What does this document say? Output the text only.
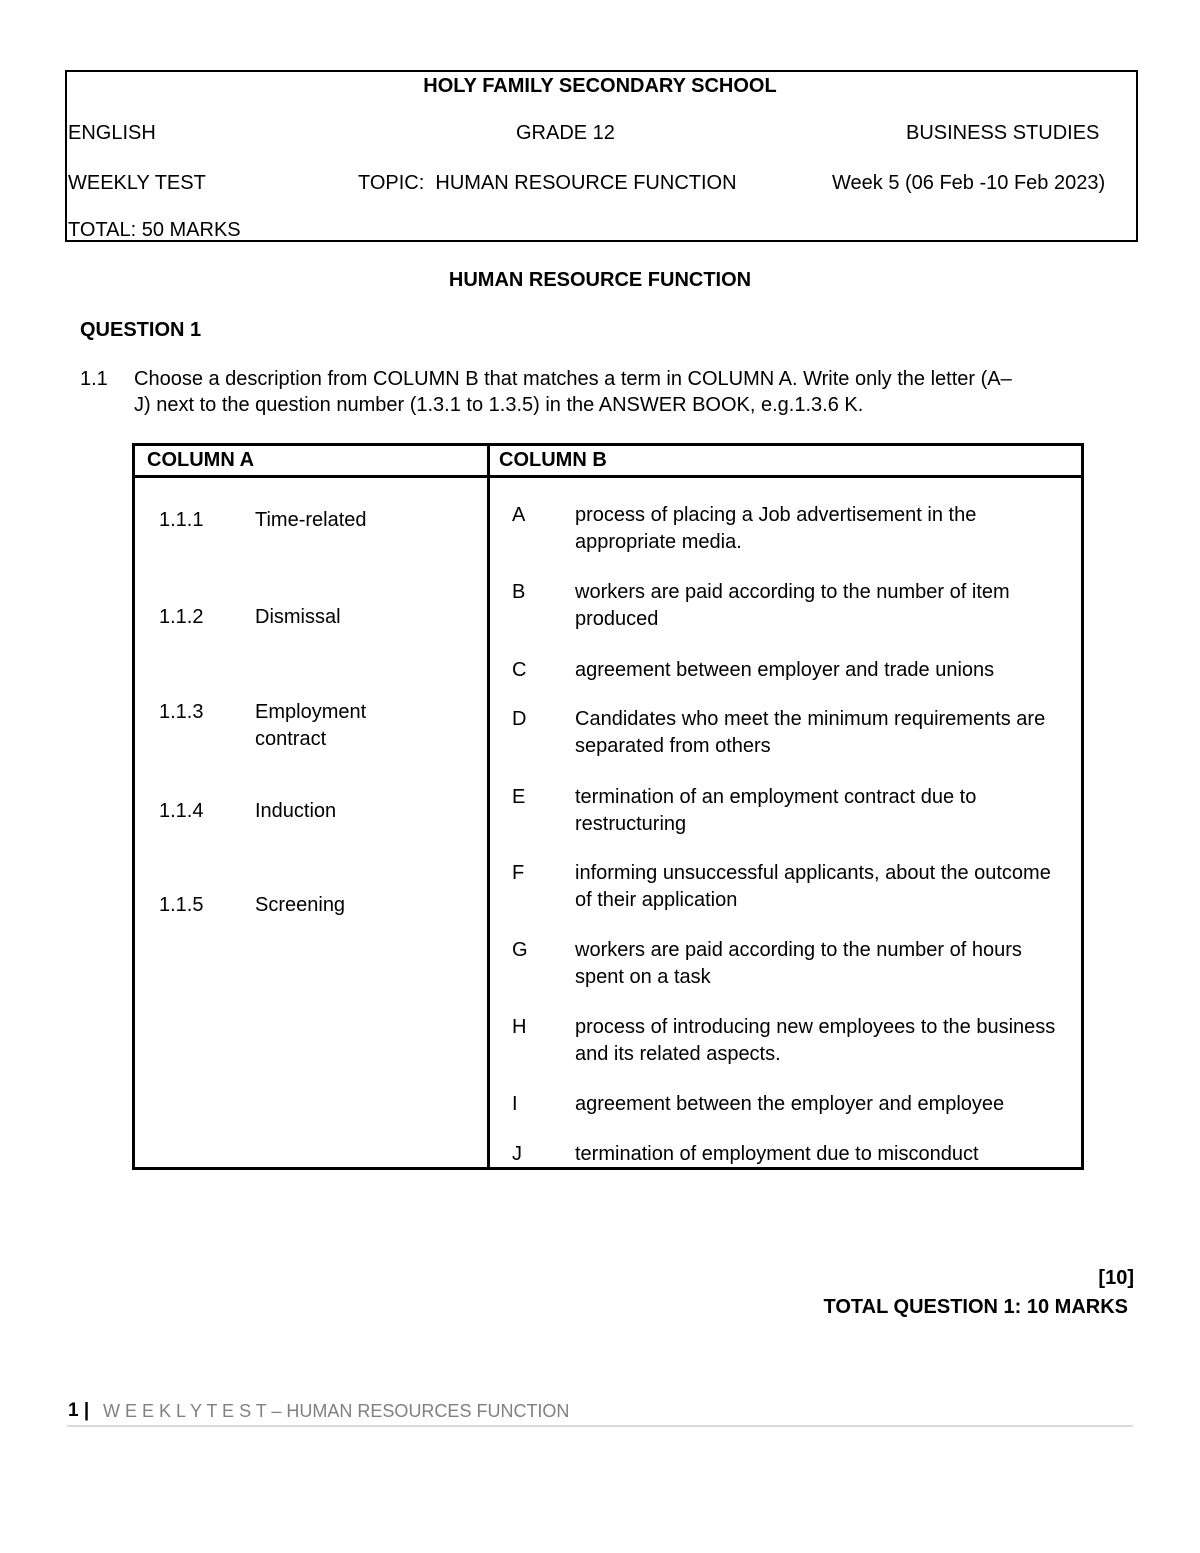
HOLY FAMILY SECONDARY SCHOOL
ENGLISH	GRADE 12	BUSINESS STUDIES
WEEKLY TEST	TOPIC:  HUMAN RESOURCE FUNCTION	Week 5 (06 Feb -10 Feb 2023)
TOTAL: 50 MARKS
HUMAN RESOURCE FUNCTION
QUESTION 1
1.1 Choose a description from COLUMN B that matches a term in COLUMN A. Write only the letter (A–
J) next to the question number (1.3.1 to 1.3.5) in the ANSWER BOOK, e.g.1.3.6 K.
COLUMN A	COLUMN B
1.1.1	Time-related
1.1.2	Dismissal
1.1.3	Employment contract
1.1.4	Induction
1.1.5	Screening
A process of placing a Job advertisement in the appropriate media.
B workers are paid according to the number of item produced
C agreement between employer and trade unions
D Candidates who meet the minimum requirements are separated from others
E termination of an employment contract due to restructuring
F	informing unsuccessful applicants, about the outcome of their application
G workers are paid according to the number of hours spent on a task
H process of introducing new employees to the business and its related aspects.
I	agreement between the employer and employee
J	termination of employment due to misconduct
[10]
TOTAL QUESTION 1: 10 MARKS
1 | W E E K L Y T E S T – HUMAN RESOURCES FUNCTION
